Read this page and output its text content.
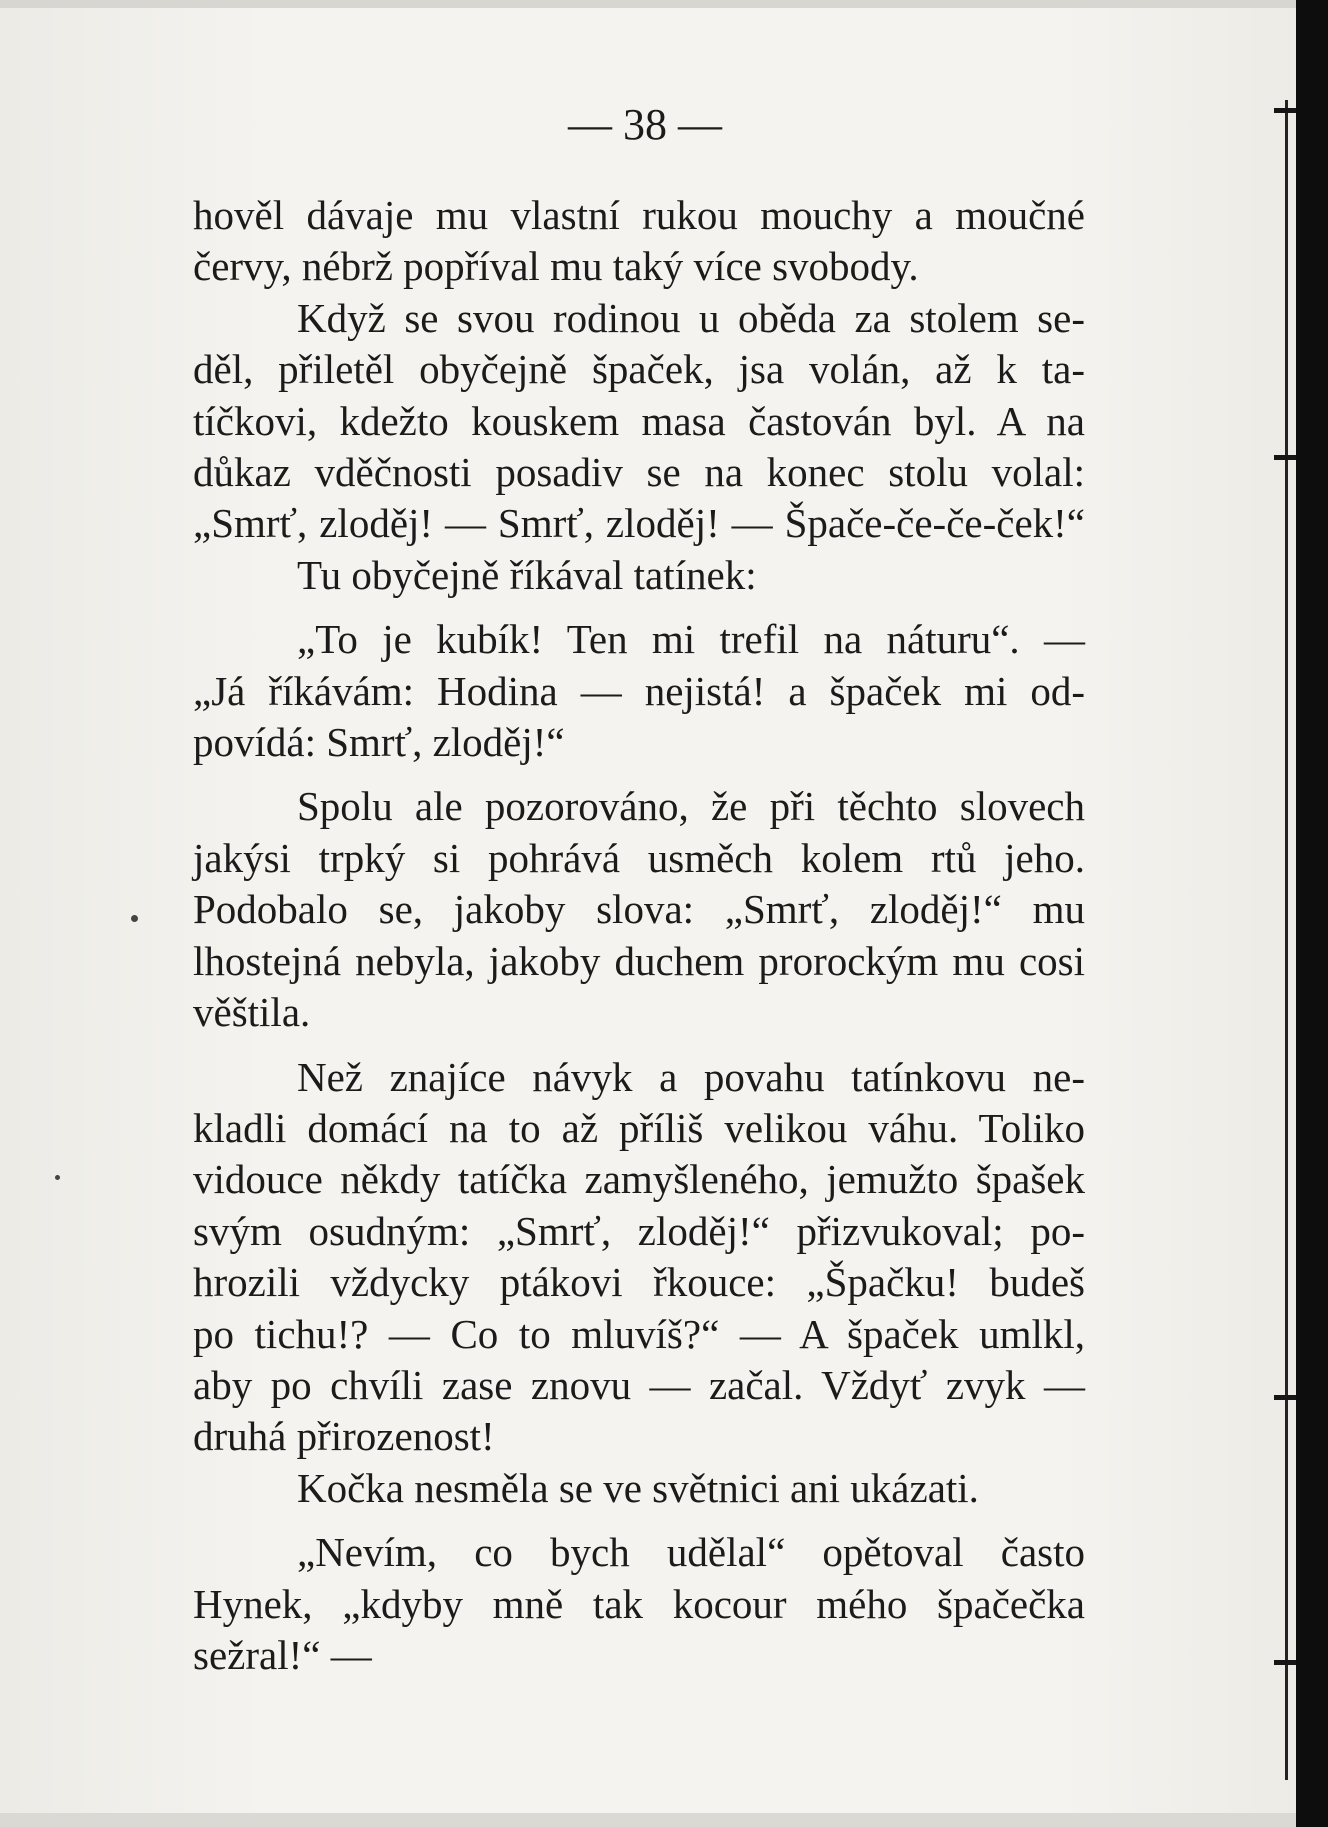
— 38 —
hověl dávaje mu vlastní rukou mouchy a moučné
červy, nébrž popříval mu taký více svobody.
Když se svou rodinou u oběda za stolem se-
děl, přiletěl obyčejně špaček, jsa volán, až k ta-
tíčkovi, kdežto kouskem masa častován byl. A na
důkaz vděčnosti posadiv se na konec stolu volal:
„Smrť, zloděj! — Smrť, zloděj! — Špače-če-če-ček!“
Tu obyčejně říkával tatínek:
„To je kubík! Ten mi trefil na náturu“. —
„Já říkávám: Hodina — nejistá! a špaček mi od-
povídá: Smrť, zloděj!“
Spolu ale pozorováno, že při těchto slovech
jakýsi trpký si pohrává usměch kolem rtů jeho.
Podobalo se, jakoby slova: „Smrť, zloděj!“ mu
lhostejná nebyla, jakoby duchem prorockým mu cosi
věštila.
Než znajíce návyk a povahu tatínkovu ne-
kladli domácí na to až příliš velikou váhu. Toliko
vidouce někdy tatíčka zamyšleného, jemužto špašek
svým osudným: „Smrť, zloděj!“ přizvukoval; po-
hrozili vždycky ptákovi řkouce: „Špačku! budeš
po tichu!? — Co to mluvíš?“ — A špaček umlkl,
aby po chvíli zase znovu — začal. Vždyť zvyk —
druhá přirozenost!
Kočka nesměla se ve světnici ani ukázati.
„Nevím, co bych udělal“ opětoval často
Hynek, „kdyby mně tak kocour mého špačečka
sežral!“ —
